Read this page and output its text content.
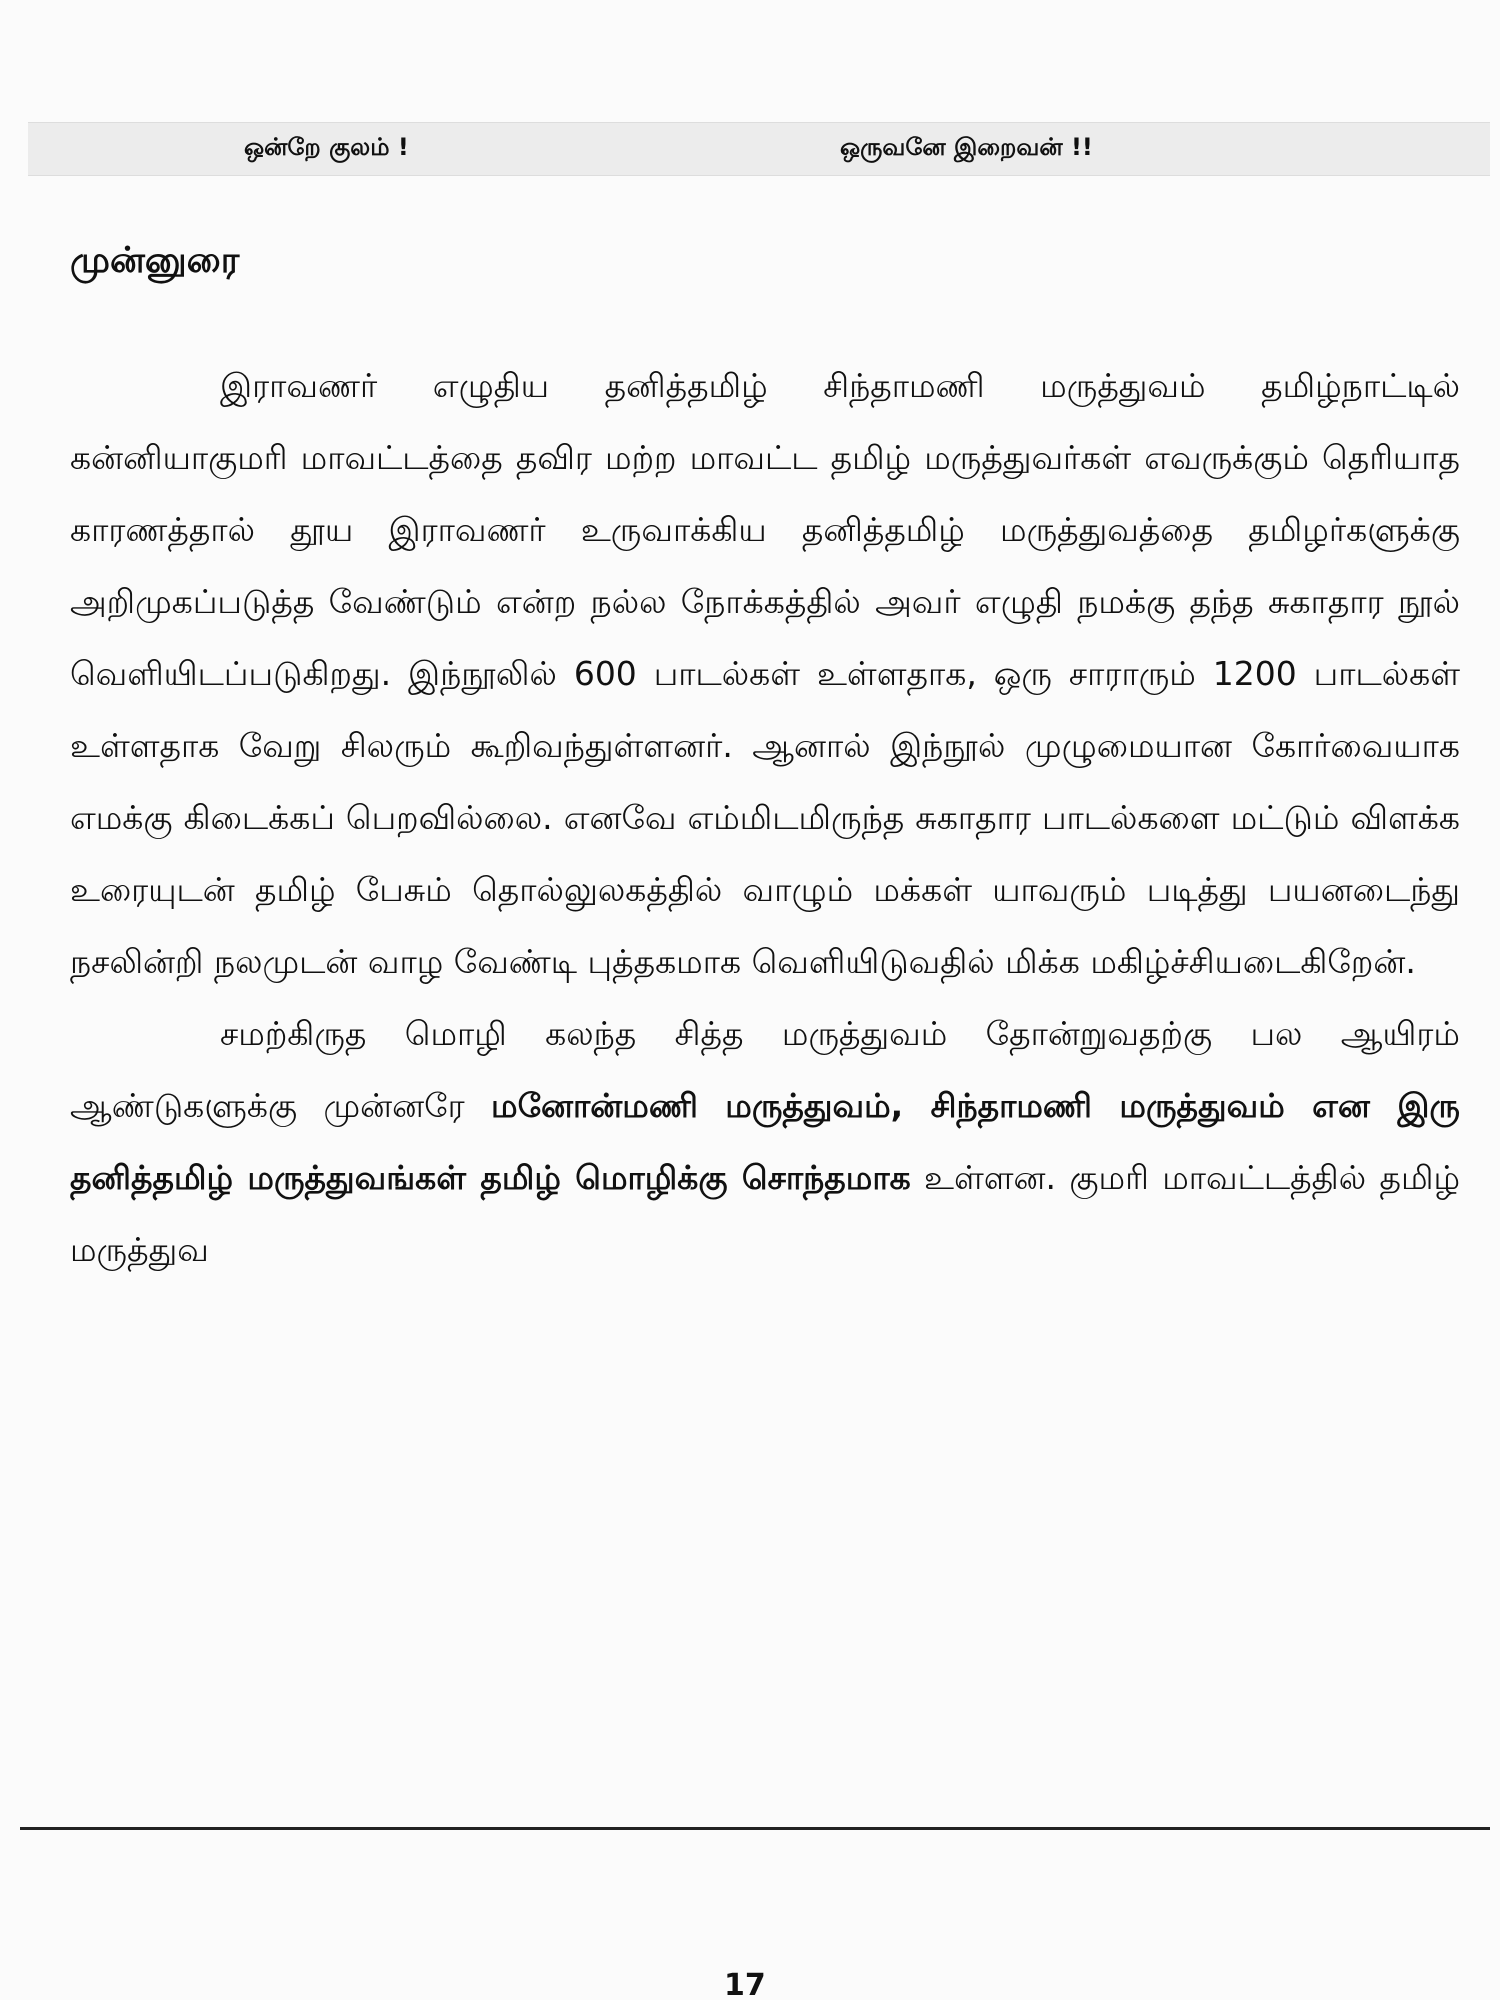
ஒன்றே குலம் !	ஒருவனே இறைவன் !!
முன்னுரை

இராவணர் எழுதிய தனித்தமிழ் சிந்தாமணி மருத்துவம் தமிழ்நாட்டில் கன்னியாகுமரி மாவட்டத்தை தவிர மற்ற மாவட்ட தமிழ் மருத்துவர்கள் எவருக்கும் தெரியாத காரணத்தால் தூய இராவணர் உருவாக்கிய தனித்தமிழ் மருத்துவத்தை தமிழர்களுக்கு அறிமுகப்படுத்த வேண்டும் என்ற நல்ல நோக்கத்தில் அவர் எழுதி நமக்கு தந்த சுகாதார நூல் வெளியிடப்படுகிறது. இந்நூலில் 600 பாடல்கள் உள்ளதாக, ஒரு சாராரும் 1200 பாடல்கள் உள்ளதாக வேறு சிலரும் கூறிவந்துள்ளனர். ஆனால் இந்நூல் முழுமையான கோர்வையாக எமக்கு கிடைக்கப் பெறவில்லை. எனவே எம்மிடமிருந்த சுகாதார பாடல்களை மட்டும் விளக்க உரையுடன் தமிழ் பேசும் தொல்லுலகத்தில் வாழும் மக்கள் யாவரும் படித்து பயனடைந்து நசலின்றி நலமுடன் வாழ வேண்டி புத்தகமாக வெளியிடுவதில் மிக்க மகிழ்ச்சியடைகிறேன்.

சமற்கிருத மொழி கலந்த சித்த மருத்துவம் தோன்றுவதற்கு பல ஆயிரம் ஆண்டுகளுக்கு முன்னரே மனோன்மணி மருத்துவம், சிந்தாமணி மருத்துவம் என இரு தனித்தமிழ் மருத்துவங்கள் தமிழ் மொழிக்கு சொந்தமாக உள்ளன. குமரி மாவட்டத்தில் தமிழ் மருத்துவ

17
